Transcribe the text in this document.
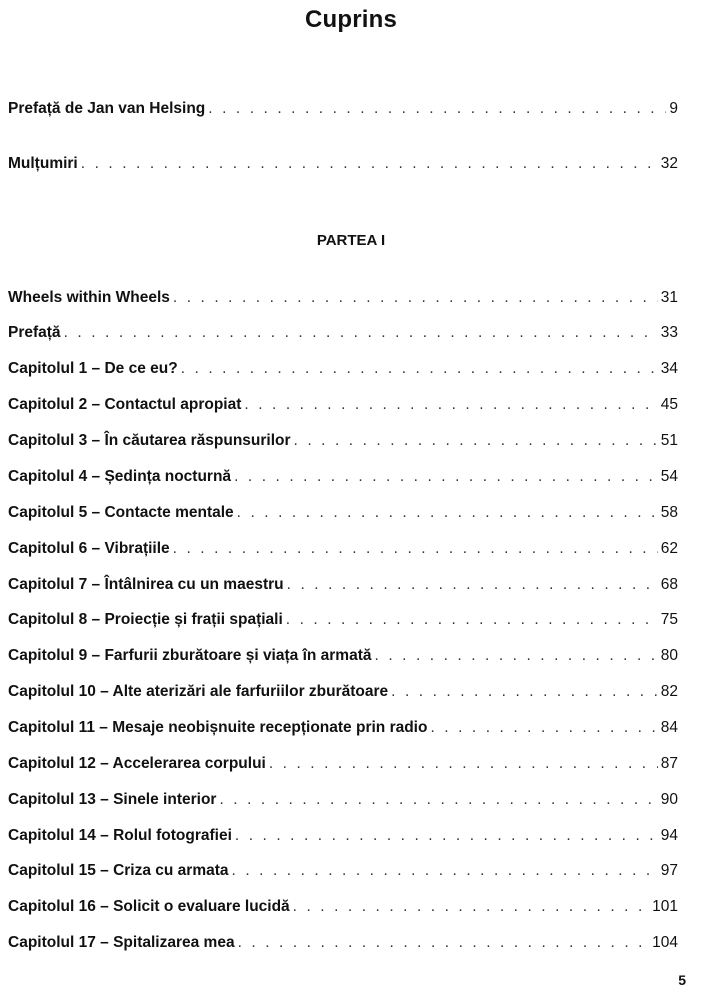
Cuprins
Prefață de Jan van Helsing . . .	9
Mulțumiri . . .	32
PARTEA I
Wheels within Wheels . . .	31
Prefață . . .	33
Capitolul 1 – De ce eu? . . .	34
Capitolul 2 – Contactul apropiat . . .	45
Capitolul 3 – În căutarea răspunsurilor . . .	51
Capitolul 4 – Ședința nocturnă . . .	54
Capitolul 5 – Contacte mentale . . .	58
Capitolul 6 – Vibrațiile . . .	62
Capitolul 7 – Întâlnirea cu un maestru . . .	68
Capitolul 8 – Proiecție și frații spațiali . . .	75
Capitolul 9 – Farfurii zburătoare și viața în armată . . .	80
Capitolul 10 – Alte aterizări ale farfuriilor zburătoare . . .	82
Capitolul 11 – Mesaje neobișnuite recepționate prin radio . . .	84
Capitolul 12 – Accelerarea corpului . . .	87
Capitolul 13 – Sinele interior . . .	90
Capitolul 14 – Rolul fotografiei . . .	94
Capitolul 15 – Criza cu armata . . .	97
Capitolul 16 – Solicit o evaluare lucidă . . .	101
Capitolul 17 – Spitalizarea mea . . .	104
5
